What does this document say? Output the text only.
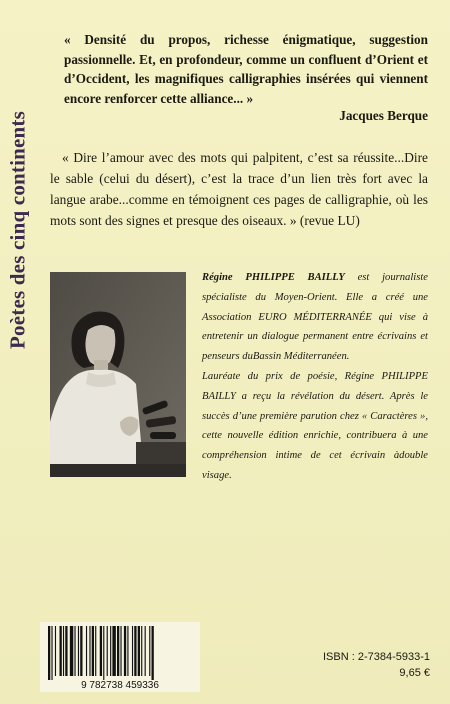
Poètes des cinq continents
« Densité du propos, richesse énigmatique, suggestion passionnelle. Et, en profondeur, comme un confluent d’Orient et d’Occident, les magnifiques calligraphies insérées qui viennent encore renforcer cette alliance... »
Jacques Berque
« Dire l’amour avec des mots qui palpitent, c’est sa réussite...Dire le sable (celui du désert), c’est la trace d’un lien très fort avec la langue arabe...comme en témoignent ces pages de calligraphie, où les mots sont des signes et presque des oiseaux. » (revue LU)

Régine PHILIPPE BAILLY est journaliste spécialiste du Moyen-Orient. Elle a créé une Association EURO MÉDITERRANÉE qui vise à entretenir un dialogue permanent entre écrivains et penseurs duBassin Méditerranéen.

Lauréate du prix de poésie, Régine PHILIPPE BAILLY a reçu la révélation du désert. Après le succès d’une première parution chez « Caractères », cette nouvelle édition enrichie, contribuera à une compréhension intime de cet écrivain àdouble visage.

9 782738 459336
ISBN : 2-7384-5933-1
9,65 €
